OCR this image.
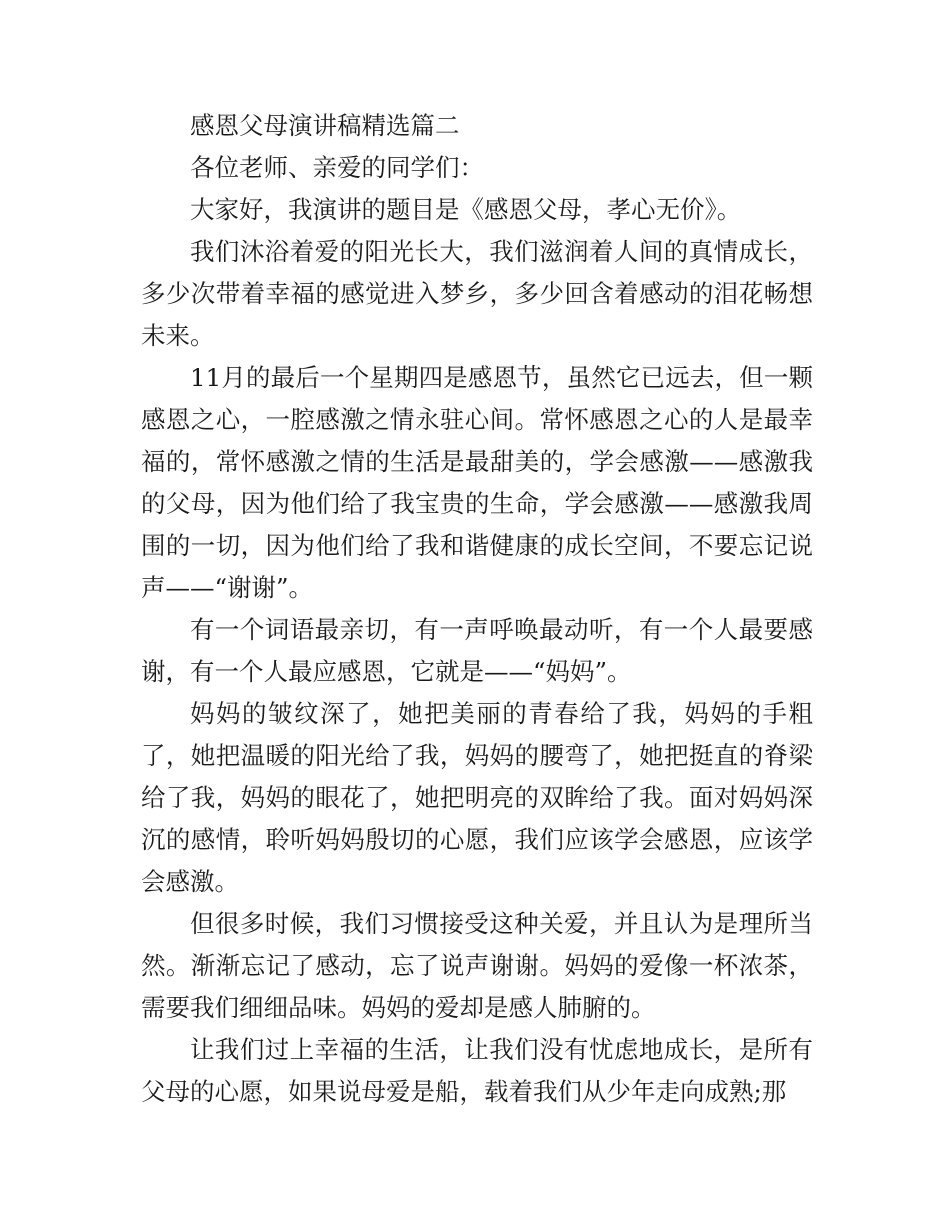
感恩父母演讲稿精选篇二

各位老师、亲爱的同学们：

大家好，我演讲的题目是《感恩父母，孝心无价》。

我们沐浴着爱的阳光长大，我们滋润着人间的真情成长，多少次带着幸福的感觉进入梦乡，多少回含着感动的泪花畅想未来。

11月的最后一个星期四是感恩节，虽然它已远去，但一颗感恩之心，一腔感激之情永驻心间。常怀感恩之心的人是最幸福的，常怀感激之情的生活是最甜美的，学会感激——感激我的父母，因为他们给了我宝贵的生命，学会感激——感激我周围的一切，因为他们给了我和谐健康的成长空间，不要忘记说声——“谢谢”。

有一个词语最亲切，有一声呼唤最动听，有一个人最要感谢，有一个人最应感恩，它就是——“妈妈”。

妈妈的皱纹深了，她把美丽的青春给了我，妈妈的手粗了，她把温暖的阳光给了我，妈妈的腰弯了，她把挺直的脊梁给了我，妈妈的眼花了，她把明亮的双眸给了我。面对妈妈深沉的感情，聆听妈妈殷切的心愿，我们应该学会感恩，应该学会感激。

但很多时候，我们习惯接受这种关爱，并且认为是理所当然。渐渐忘记了感动，忘了说声谢谢。妈妈的爱像一杯浓茶，需要我们细细品味。妈妈的爱却是感人肺腑的。

让我们过上幸福的生活，让我们没有忧虑地成长，是所有父母的心愿，如果说母爱是船，载着我们从少年走向成熟;那
